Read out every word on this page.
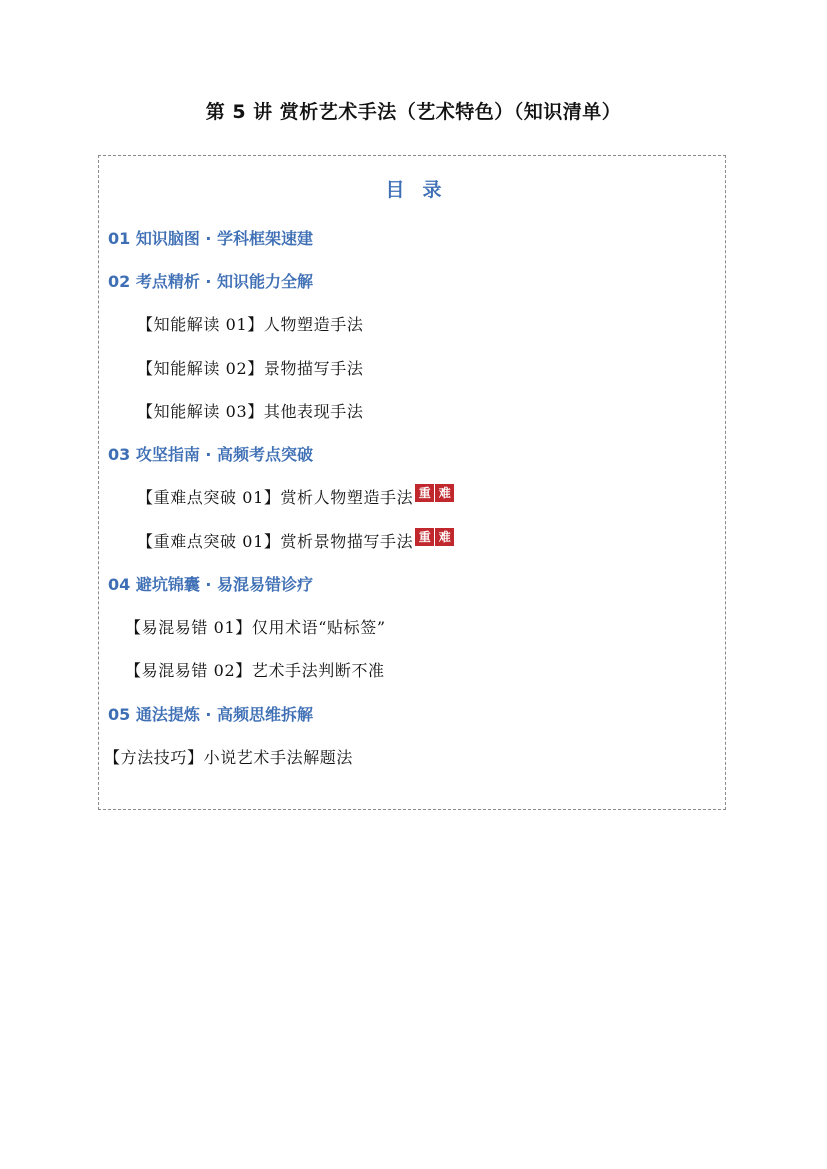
第 5 讲 赏析艺术手法（艺术特色）（知识清单）
目录
01 知识脑图 · 学科框架速建
02 考点精析 · 知识能力全解
【知能解读 01】人物塑造手法
【知能解读 02】景物描写手法
【知能解读 03】其他表现手法
03 攻坚指南 · 高频考点突破
【重难点突破 01】赏析人物塑造手法 重 难
【重难点突破 01】赏析景物描写手法 重 难
04 避坑锦囊 · 易混易错诊疗
【易混易错 01】仅用术语“贴标签”
【易混易错 02】艺术手法判断不准
05 通法提炼 · 高频思维拆解
【方法技巧】小说艺术手法解题法
